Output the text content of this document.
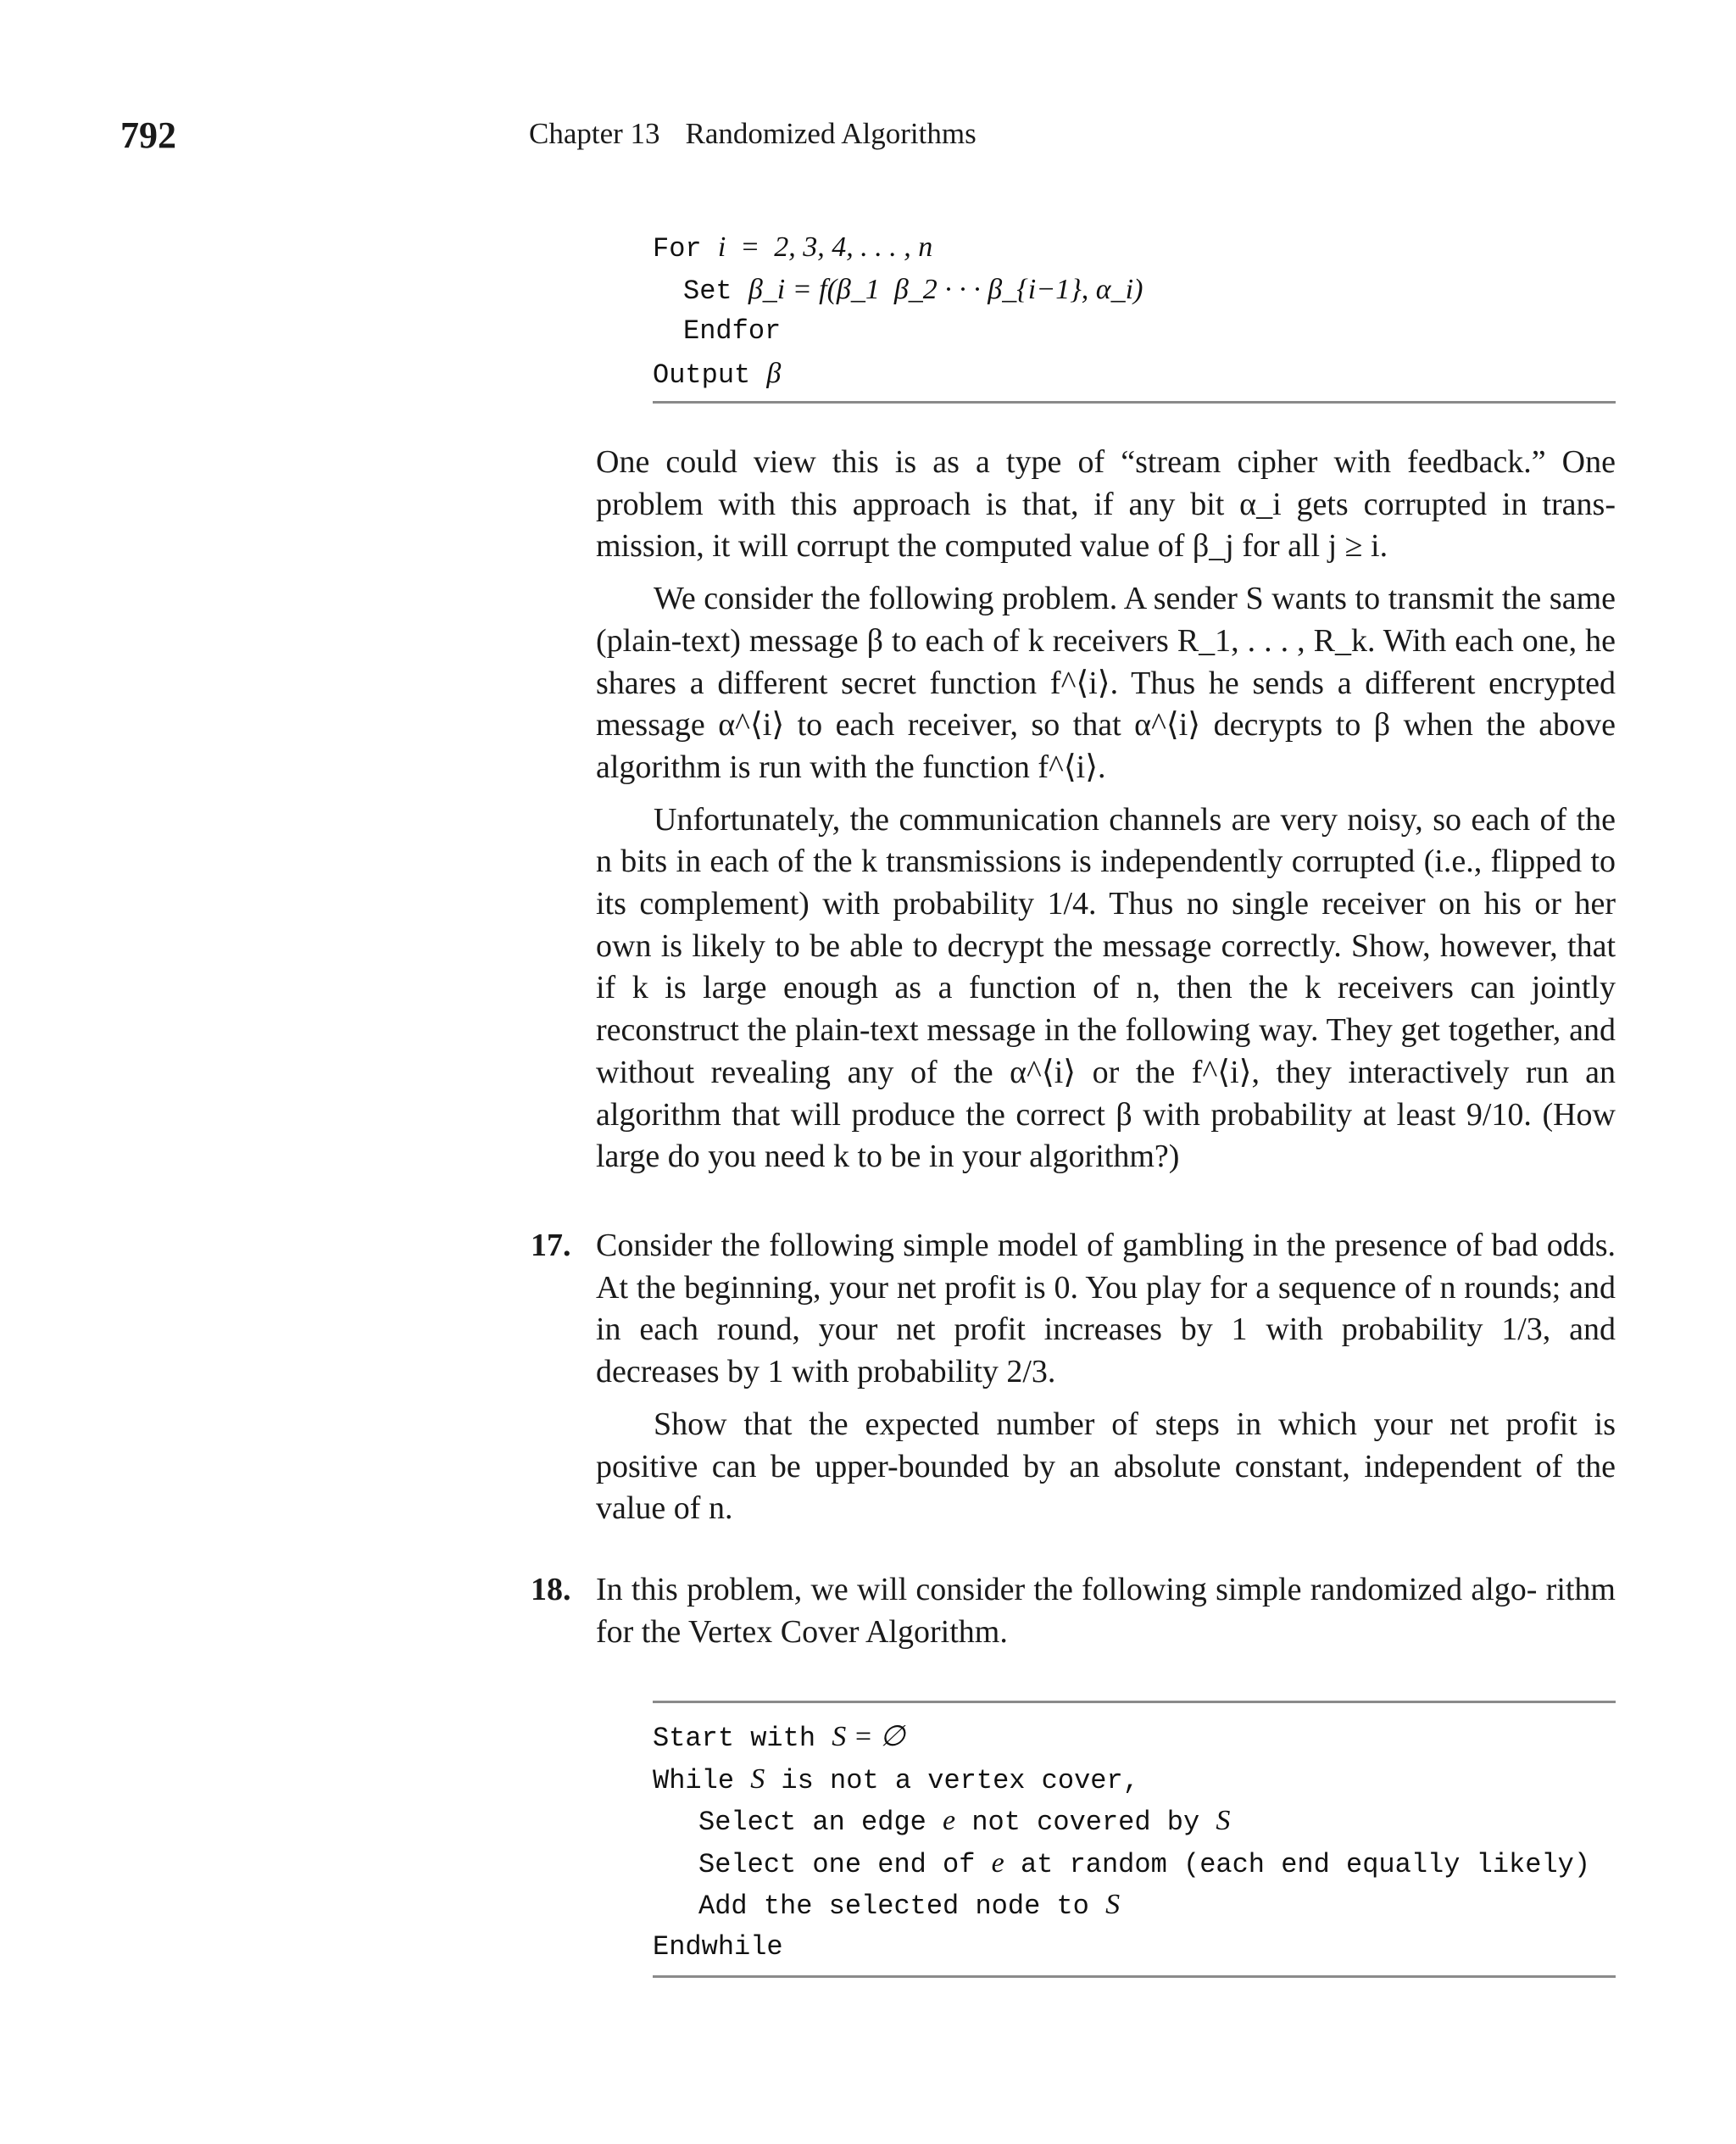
792	Chapter 13 Randomized Algorithms
For i  =  2, 3, 4, . . . , n
Set β_i = f(β_1  β_2 · · · β_{i−1}, α_i)
Endfor
Output β

One could view this is as a type of “stream cipher with feedback.” One problem with this approach is that, if any bit α_i gets corrupted in trans- mission, it will corrupt the computed value of β_j for all j ≥ i.

We consider the following problem. A sender S wants to transmit the same (plain-text) message β to each of k receivers R_1, . . . , R_k. With each one, he shares a different secret function f^⟨i⟩. Thus he sends a different encrypted message α^⟨i⟩ to each receiver, so that α^⟨i⟩ decrypts to β when the above algorithm is run with the function f^⟨i⟩.

Unfortunately, the communication channels are very noisy, so each of the n bits in each of the k transmissions is independently corrupted (i.e., flipped to its complement) with probability 1/4. Thus no single receiver on his or her own is likely to be able to decrypt the message correctly. Show, however, that if k is large enough as a function of n, then the k receivers can jointly reconstruct the plain-text message in the following way. They get together, and without revealing any of the α^⟨i⟩ or the f^⟨i⟩, they interactively run an algorithm that will produce the correct β with probability at least 9/10. (How large do you need k to be in your algorithm?)

17. Consider the following simple model of gambling in the presence of bad odds. At the beginning, your net profit is 0. You play for a sequence of n rounds; and in each round, your net profit increases by 1 with probability 1/3, and decreases by 1 with probability 2/3.

Show that the expected number of steps in which your net profit is positive can be upper-bounded by an absolute constant, independent of the value of n.

18. In this problem, we will consider the following simple randomized algo- rithm for the Vertex Cover Algorithm.

Start with S = ∅
While S is not a vertex cover,
Select an edge e not covered by S
Select one end of e at random (each end equally likely)
Add the selected node to S
Endwhile
